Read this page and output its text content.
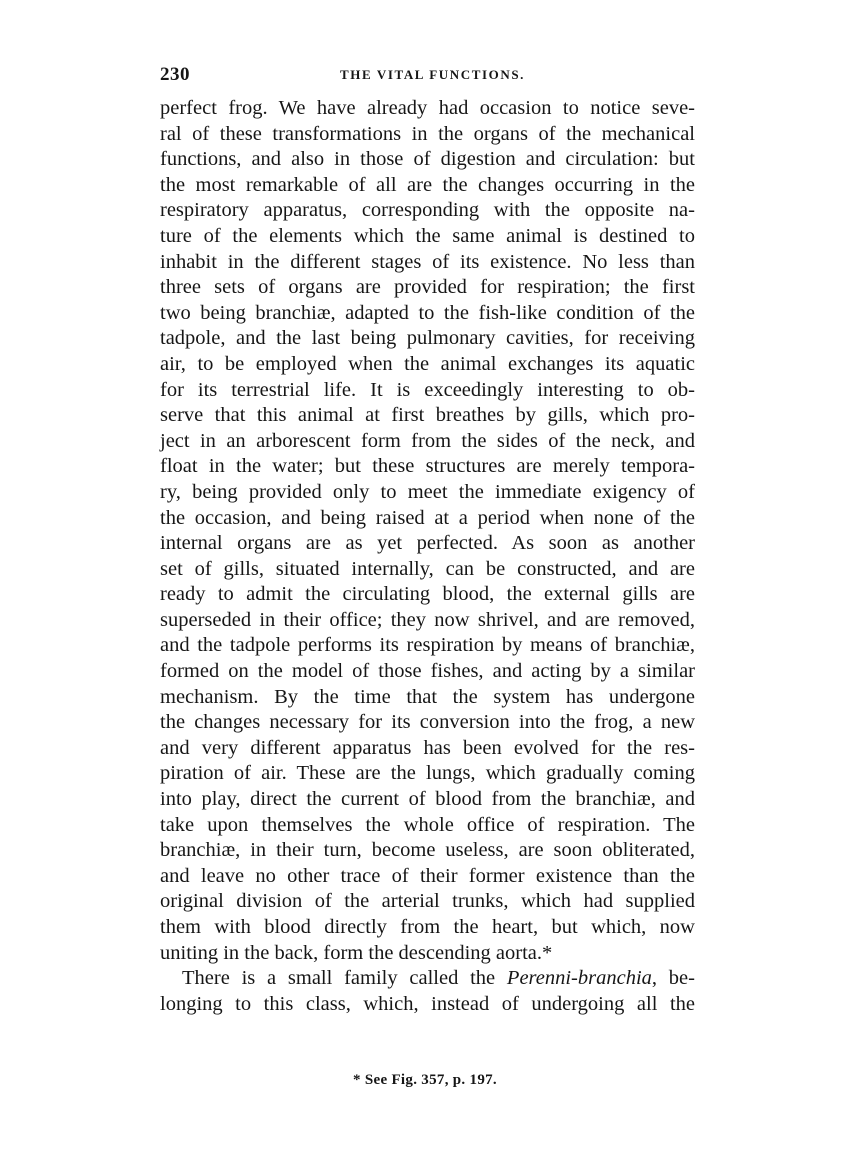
230	THE VITAL FUNCTIONS.
perfect frog. We have already had occasion to notice seve-
ral of these transformations in the organs of the mechanical
functions, and also in those of digestion and circulation: but
the most remarkable of all are the changes occurring in the
respiratory apparatus, corresponding with the opposite na-
ture of the elements which the same animal is destined to
inhabit in the different stages of its existence. No less than
three sets of organs are provided for respiration; the first
two being branchiæ, adapted to the fish-like condition of the
tadpole, and the last being pulmonary cavities, for receiving
air, to be employed when the animal exchanges its aquatic
for its terrestrial life. It is exceedingly interesting to ob-
serve that this animal at first breathes by gills, which pro-
ject in an arborescent form from the sides of the neck, and
float in the water; but these structures are merely tempora-
ry, being provided only to meet the immediate exigency of
the occasion, and being raised at a period when none of the
internal organs are as yet perfected. As soon as another
set of gills, situated internally, can be constructed, and are
ready to admit the circulating blood, the external gills are
superseded in their office; they now shrivel, and are removed,
and the tadpole performs its respiration by means of branchiæ,
formed on the model of those fishes, and acting by a similar
mechanism. By the time that the system has undergone
the changes necessary for its conversion into the frog, a new
and very different apparatus has been evolved for the res-
piration of air. These are the lungs, which gradually coming
into play, direct the current of blood from the branchiæ, and
take upon themselves the whole office of respiration. The
branchiæ, in their turn, become useless, are soon obliterated,
and leave no other trace of their former existence than the
original division of the arterial trunks, which had supplied
them with blood directly from the heart, but which, now
uniting in the back, form the descending aorta.*
There is a small family called the Perenni-branchia, be-
longing to this class, which, instead of undergoing all the
* See Fig. 357, p. 197.
